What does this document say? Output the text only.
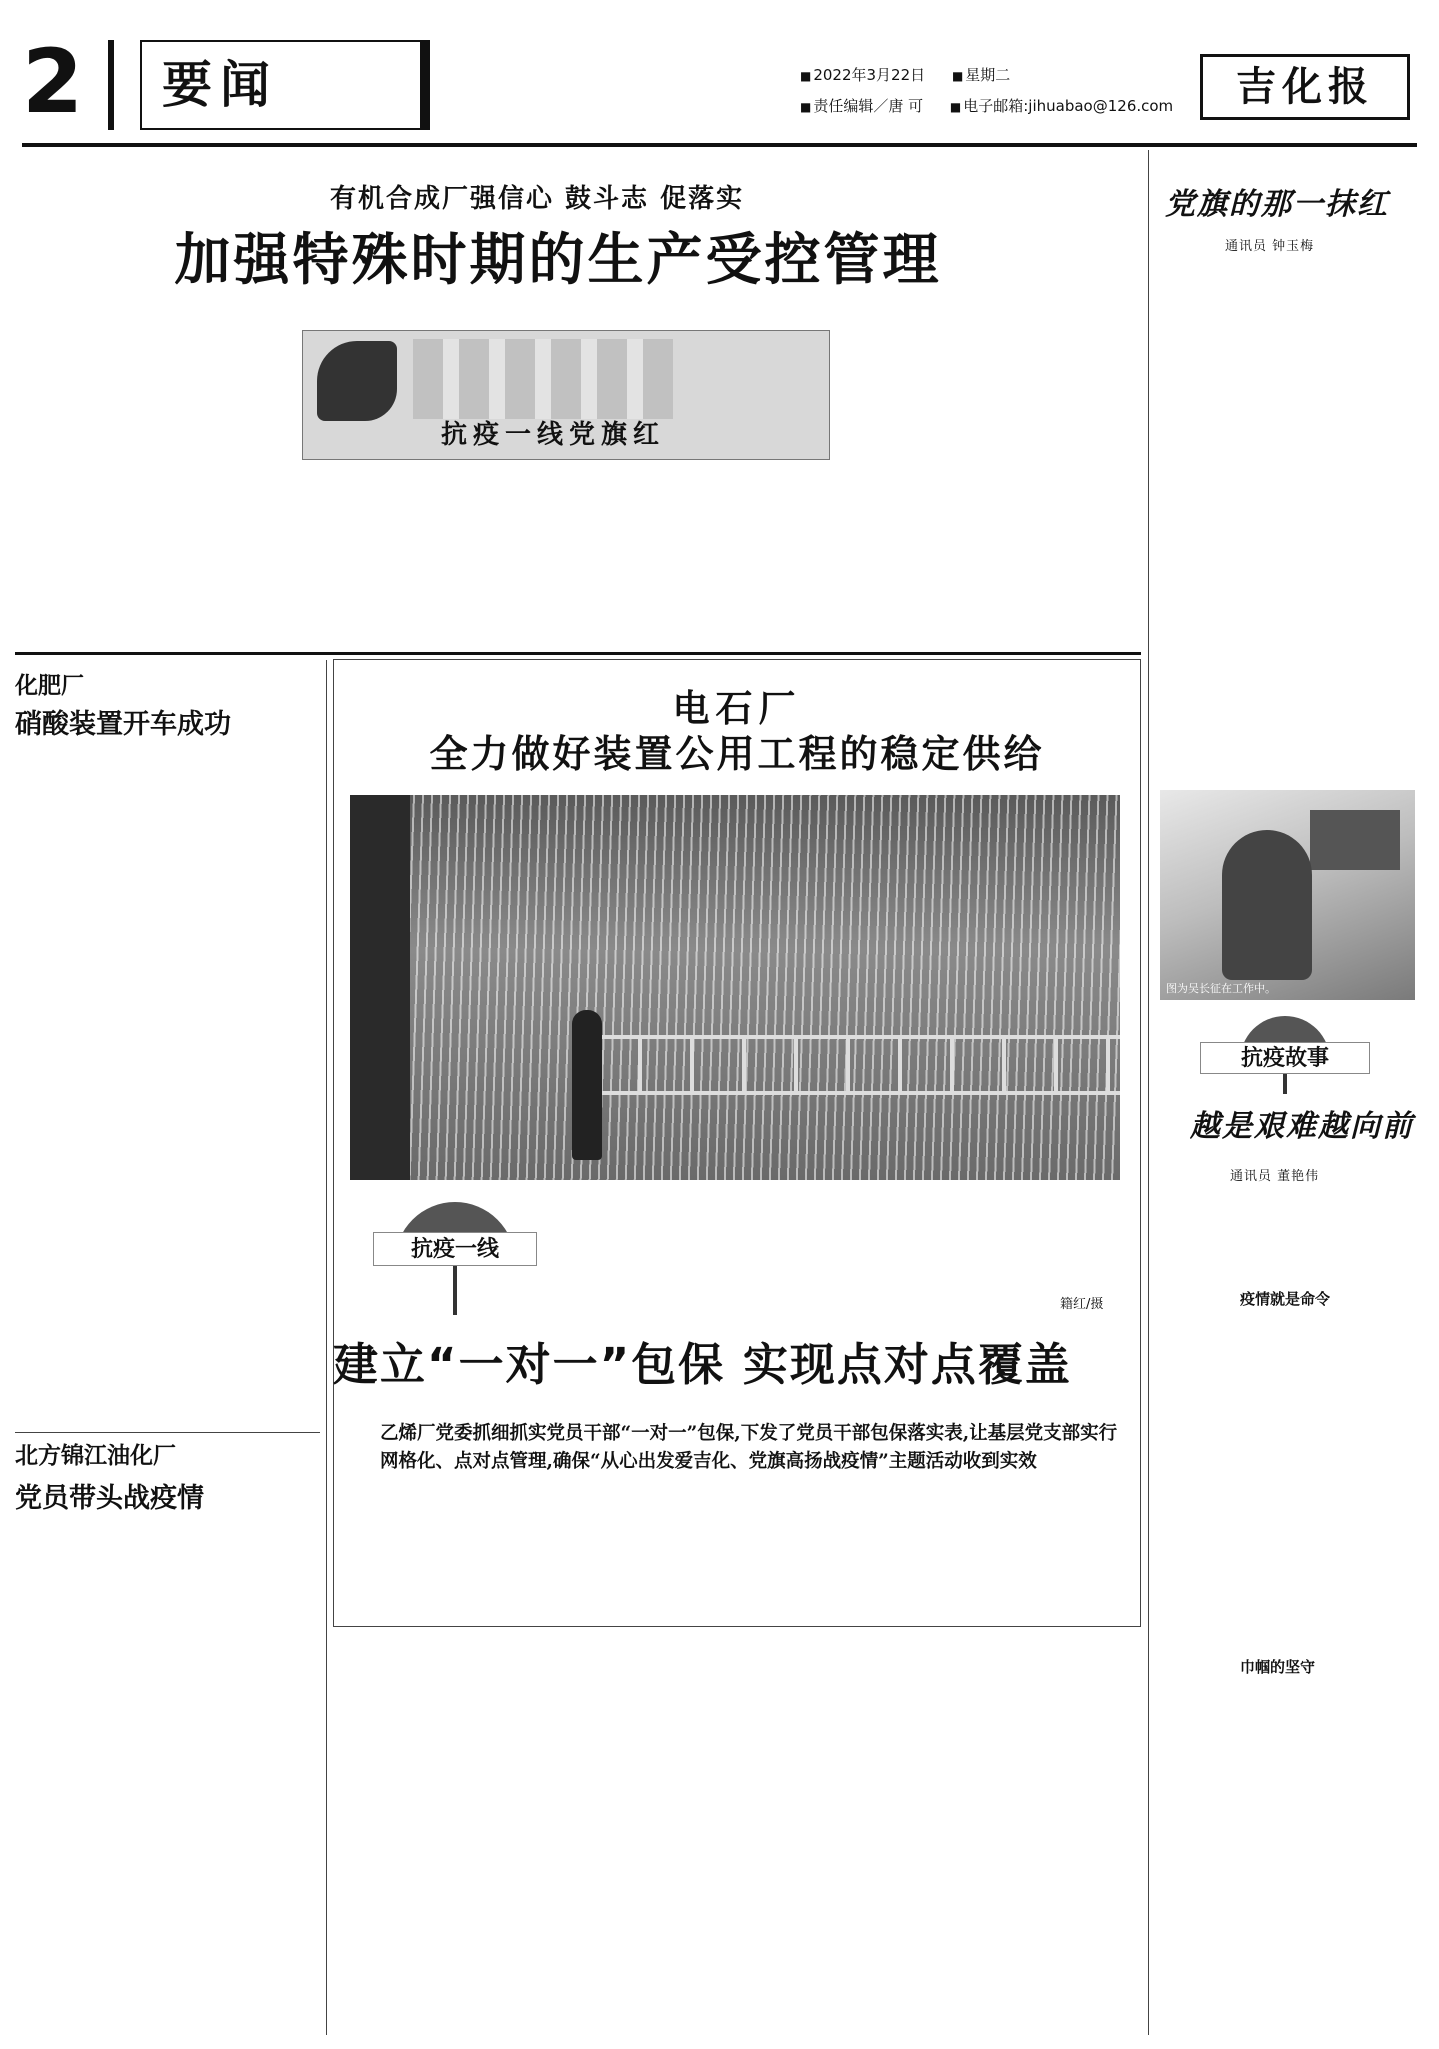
2	要闻	■ 2022年3月22日	■ 星期二
■ 责任编辑／唐 可	■ 电子邮箱:jihuabao@126.com	吉化报
有机合成厂强信心 鼓斗志 促落实
加强特殊时期的生产受控管理
抗疫一线党旗红
化肥厂
硝酸装置开车成功
北方锦江油化厂
党员带头战疫情
电石厂
全力做好装置公用工程的稳定供给
抗疫一线
籍红/摄
建立“一对一”包保 实现点对点覆盖
乙烯厂党委抓细抓实党员干部“一对一”包保,下发了党员干部包保落实表,让基层党支部实行网格化、点对点管理,确保“从心出发爱吉化、党旗高扬战疫情”主题活动收到实效
党旗的那一抹红
通讯员 钟玉梅
图为吴长征在工作中。
抗疫故事
越是艰难越向前
通讯员 董艳伟
疫情就是命令
巾帼的坚守
